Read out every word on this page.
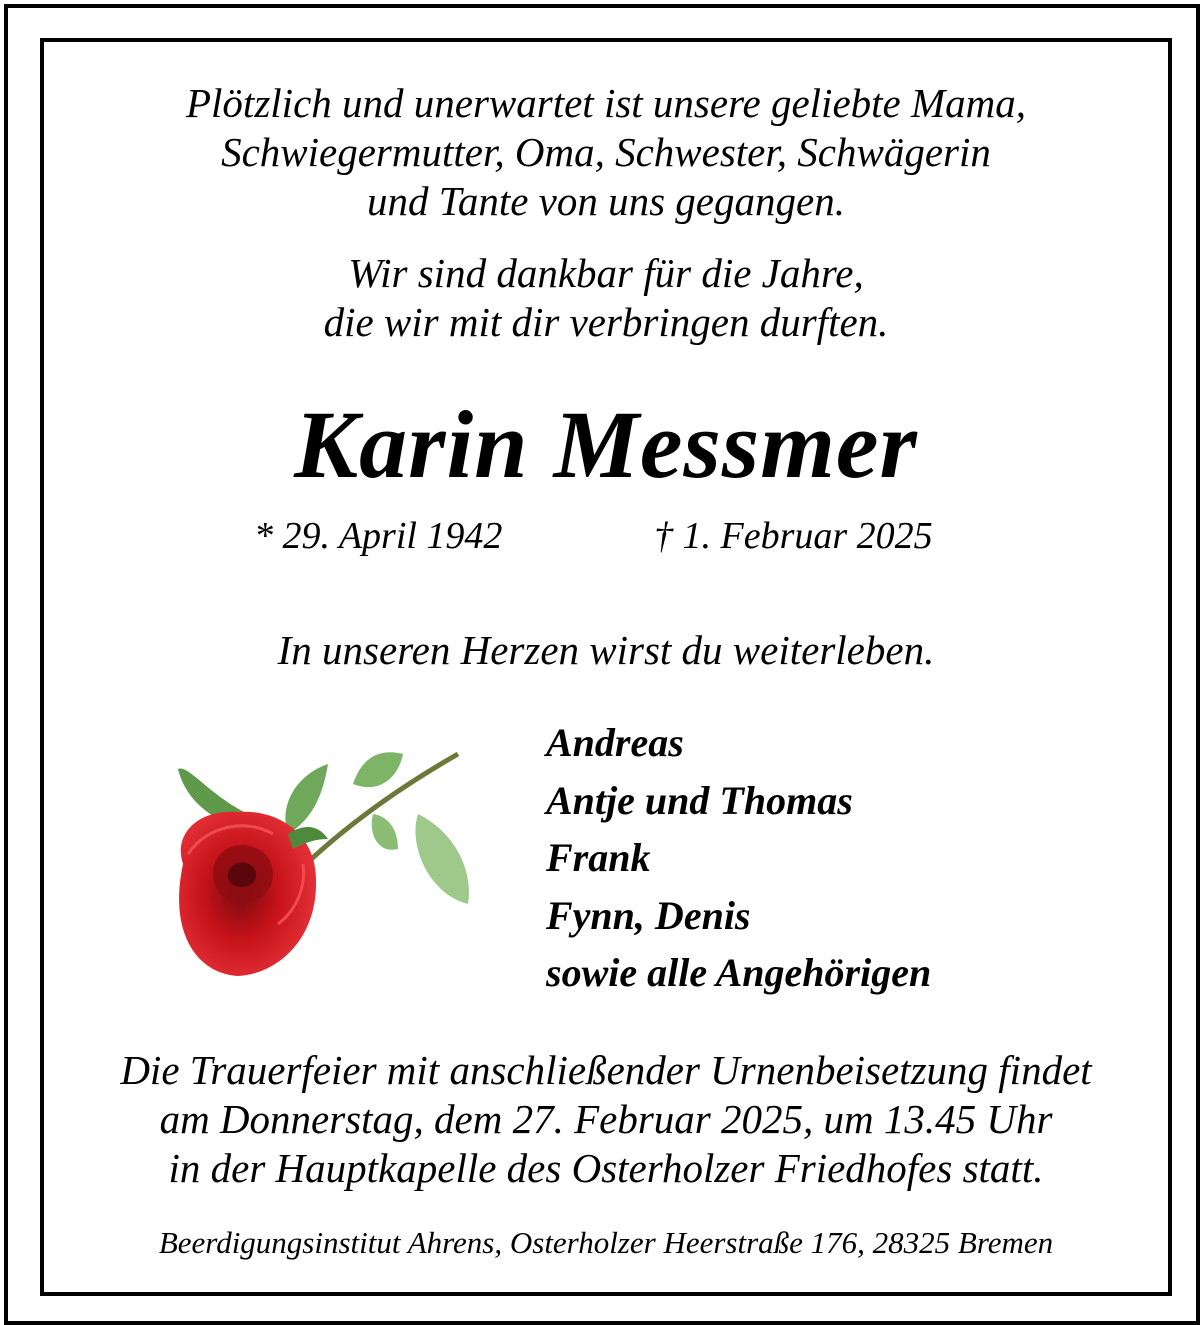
Plötzlich und unerwartet ist unsere geliebte Mama,
Schwiegermutter, Oma, Schwester, Schwägerin
und Tante von uns gegangen.
Wir sind dankbar für die Jahre,
die wir mit dir verbringen durften.
Karin Messmer
* 29. April 1942	† 1. Februar 2025
In unseren Herzen wirst du weiterleben.
Andreas
Antje und Thomas
Frank
Fynn, Denis
sowie alle Angehörigen
Die Trauerfeier mit anschließender Urnenbeisetzung findet
am Donnerstag, dem 27. Februar 2025, um 13.45 Uhr
in der Hauptkapelle des Osterholzer Friedhofes statt.
Beerdigungsinstitut Ahrens, Osterholzer Heerstraße 176, 28325 Bremen
